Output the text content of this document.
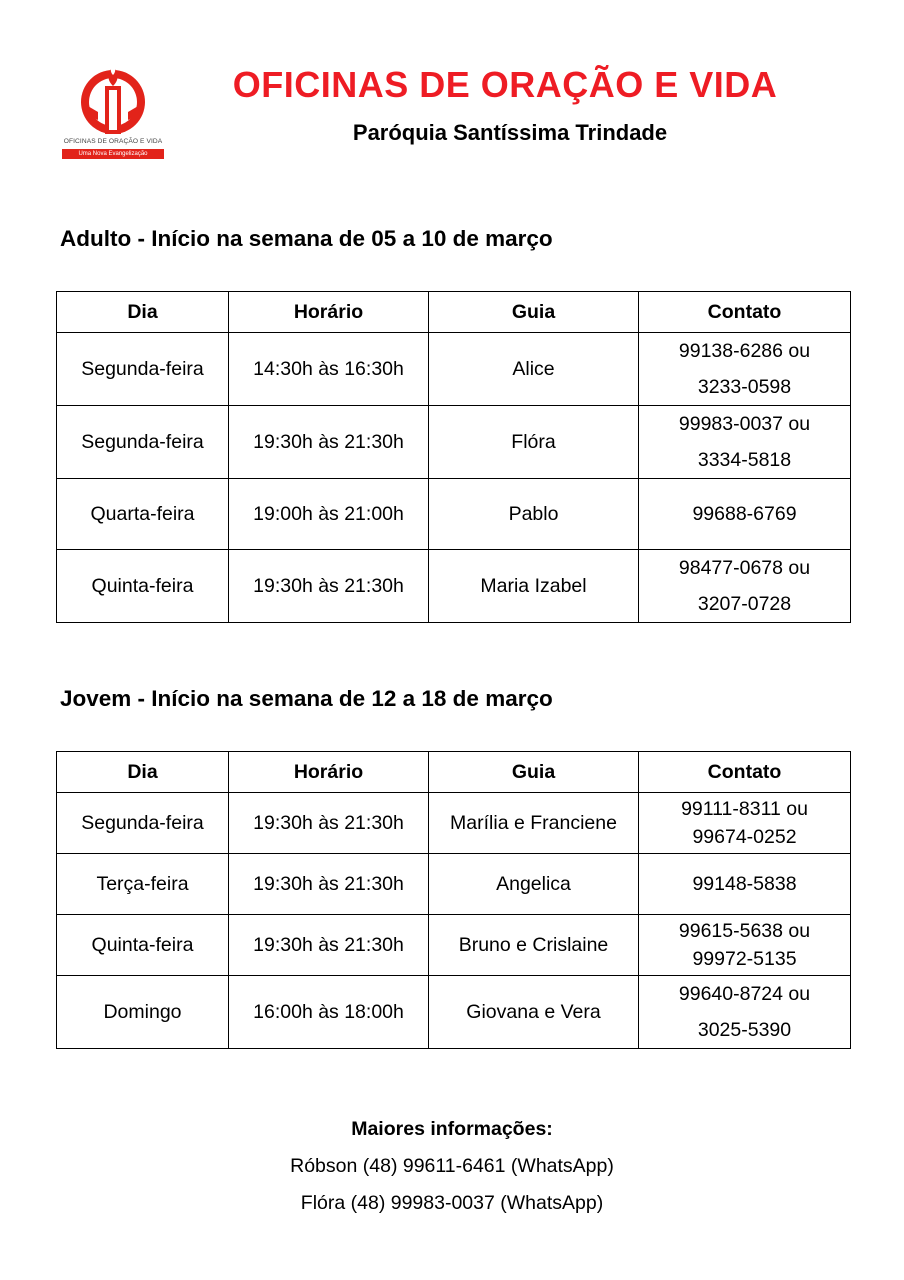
OFICINAS DE ORAÇÃO E VIDA
Uma Nova Evangelização
OFICINAS DE ORAÇÃO E VIDA
Paróquia Santíssima Trindade
Adulto - Início na semana de 05 a 10 de março
Dia	Horário	Guia	Contato
Segunda-feira	14:30h às 16:30h	Alice	99138-6286 ou
3233-0598
Segunda-feira	19:30h às 21:30h	Flóra	99983-0037 ou
3334-5818
Quarta-feira	19:00h às 21:00h	Pablo	99688-6769
Quinta-feira	19:30h às 21:30h	Maria Izabel	98477-0678 ou
3207-0728
Jovem - Início na semana de 12 a 18 de março
Dia	Horário	Guia	Contato
Segunda-feira	19:30h às 21:30h	Marília e Franciene	99111-8311 ou
99674-0252
Terça-feira	19:30h às 21:30h	Angelica	99148-5838
Quinta-feira	19:30h às 21:30h	Bruno e Crislaine	99615-5638 ou
99972-5135
Domingo	16:00h às 18:00h	Giovana e Vera	99640-8724 ou
3025-5390
Maiores informações:
Róbson (48) 99611-6461 (WhatsApp)
Flóra (48) 99983-0037 (WhatsApp)
